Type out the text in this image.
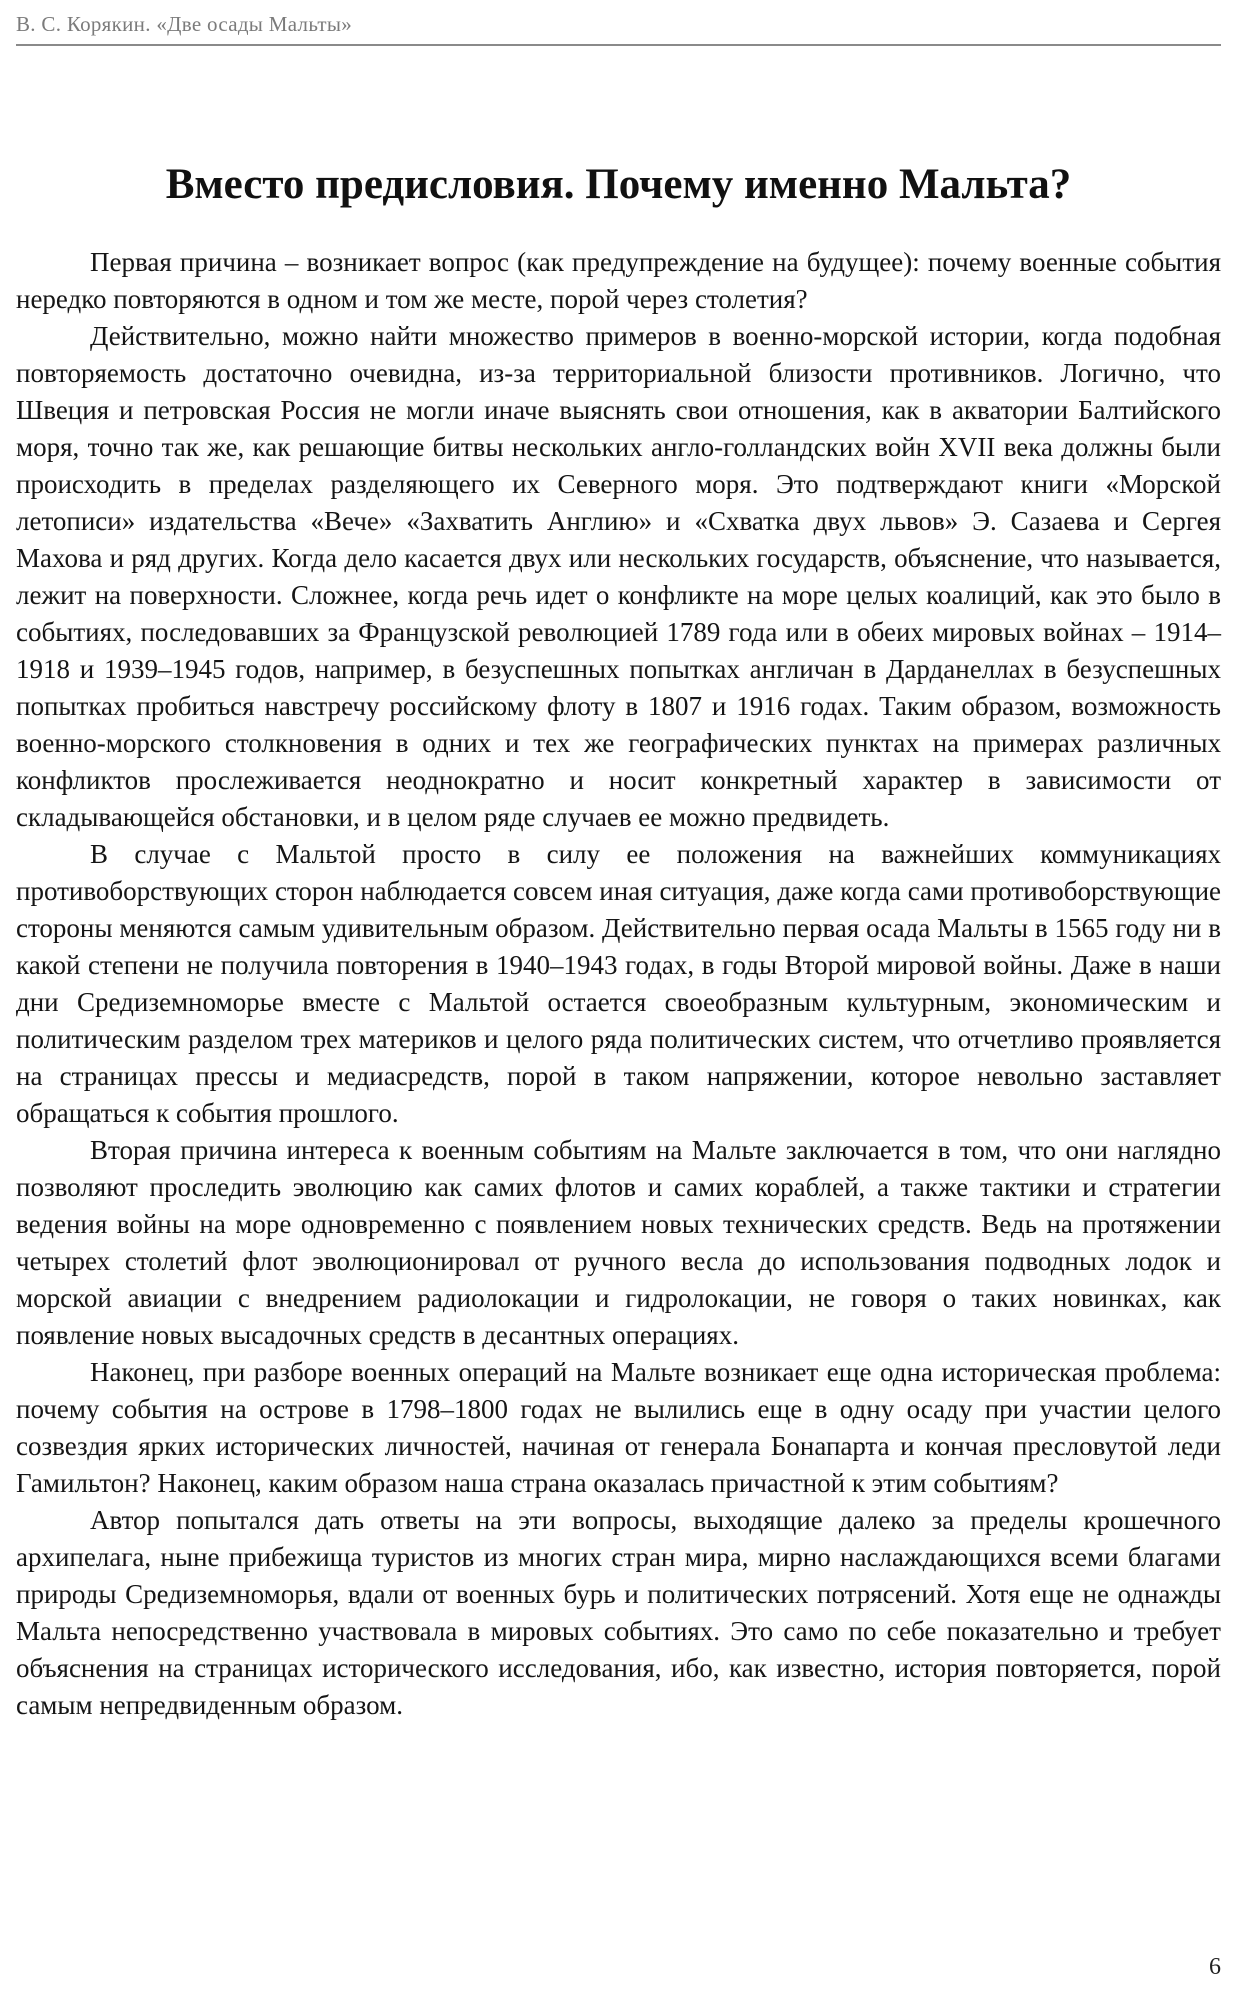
В. С. Корякин. «Две осады Мальты»
Вместо предисловия. Почему именно Мальта?

Первая причина – возникает вопрос (как предупреждение на будущее): почему военные события нередко повторяются в одном и том же месте, порой через столетия?

Действительно, можно найти множество примеров в военно-морской истории, когда подобная повторяемость достаточно очевидна, из-за территориальной близости противников. Логично, что Швеция и петровская Россия не могли иначе выяснять свои отношения, как в акватории Балтийского моря, точно так же, как решающие битвы нескольких англо-голландских войн XVII века должны были происходить в пределах разделяющего их Северного моря. Это подтверждают книги «Морской летописи» издательства «Вече» «Захватить Англию» и «Схватка двух львов» Э. Сазаева и Сергея Махова и ряд других. Когда дело касается двух или нескольких государств, объяснение, что называется, лежит на поверхности. Сложнее, когда речь идет о конфликте на море целых коалиций, как это было в событиях, последовавших за Французской революцией 1789 года или в обеих мировых войнах – 1914–1918 и 1939–1945 годов, например, в безуспешных попытках англичан в Дарданеллах в безуспешных попытках пробиться навстречу российскому флоту в 1807 и 1916 годах. Таким образом, возможность военно-морского столкновения в одних и тех же географических пунктах на примерах различных конфликтов прослеживается неоднократно и носит конкретный характер в зависимости от складывающейся обстановки, и в целом ряде случаев ее можно предвидеть.

В случае с Мальтой просто в силу ее положения на важнейших коммуникациях противоборствующих сторон наблюдается совсем иная ситуация, даже когда сами противоборствующие стороны меняются самым удивительным образом. Действительно первая осада Мальты в 1565 году ни в какой степени не получила повторения в 1940–1943 годах, в годы Второй мировой войны. Даже в наши дни Средиземноморье вместе с Мальтой остается своеобразным культурным, экономическим и политическим разделом трех материков и целого ряда политических систем, что отчетливо проявляется на страницах прессы и медиасредств, порой в таком напряжении, которое невольно заставляет обращаться к события прошлого.

Вторая причина интереса к военным событиям на Мальте заключается в том, что они наглядно позволяют проследить эволюцию как самих флотов и самих кораблей, а также тактики и стратегии ведения войны на море одновременно с появлением новых технических средств. Ведь на протяжении четырех столетий флот эволюционировал от ручного весла до использования подводных лодок и морской авиации с внедрением радиолокации и гидролокации, не говоря о таких новинках, как появление новых высадочных средств в десантных операциях.

Наконец, при разборе военных операций на Мальте возникает еще одна историческая проблема: почему события на острове в 1798–1800 годах не вылились еще в одну осаду при участии целого созвездия ярких исторических личностей, начиная от генерала Бонапарта и кончая пресловутой леди Гамильтон? Наконец, каким образом наша страна оказалась причастной к этим событиям?

Автор попытался дать ответы на эти вопросы, выходящие далеко за пределы крошечного архипелага, ныне прибежища туристов из многих стран мира, мирно наслаждающихся всеми благами природы Средиземноморья, вдали от военных бурь и политических потрясений. Хотя еще не однажды Мальта непосредственно участвовала в мировых событиях. Это само по себе показательно и требует объяснения на страницах исторического исследования, ибо, как известно, история повторяется, порой самым непредвиденным образом.

6
